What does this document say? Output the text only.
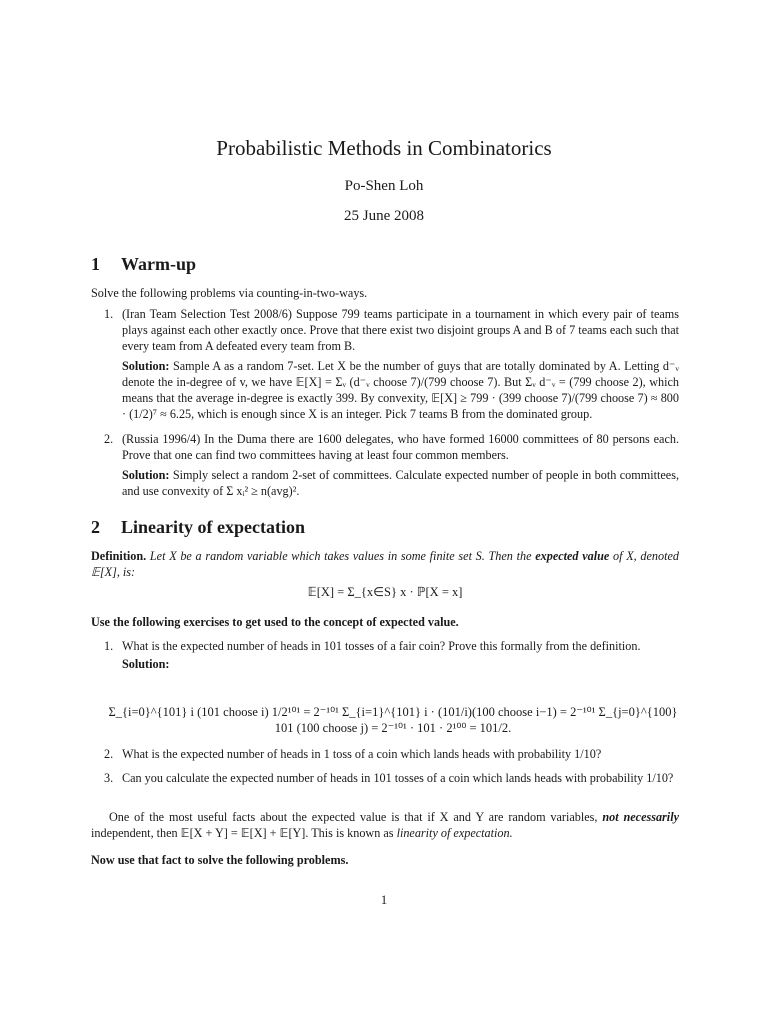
Probabilistic Methods in Combinatorics
Po-Shen Loh
25 June 2008
1 Warm-up
Solve the following problems via counting-in-two-ways.
1. (Iran Team Selection Test 2008/6) Suppose 799 teams participate in a tournament in which every pair of teams plays against each other exactly once. Prove that there exist two disjoint groups A and B of 7 teams each such that every team from A defeated every team from B.
Solution: Sample A as a random 7-set. Let X be the number of guys that are totally dominated by A. Letting d⁻ᵥ denote the in-degree of v, we have 𝔼[X] = Σᵥ (d⁻ᵥ choose 7)/(799 choose 7). But Σᵥ d⁻ᵥ = (799 choose 2), which means that the average in-degree is exactly 399. By convexity, 𝔼[X] ≥ 799 · (399 choose 7)/(799 choose 7) ≈ 800 · (1/2)⁷ ≈ 6.25, which is enough since X is an integer. Pick 7 teams B from the dominated group.
2. (Russia 1996/4) In the Duma there are 1600 delegates, who have formed 16000 committees of 80 persons each. Prove that one can find two committees having at least four common members.
Solution: Simply select a random 2-set of committees. Calculate expected number of people in both committees, and use convexity of Σ xᵢ² ≥ n(avg)².
2 Linearity of expectation
Definition. Let X be a random variable which takes values in some finite set S. Then the expected value of X, denoted 𝔼[X], is:
𝔼[X] = Σ_{x∈S} x · ℙ[X = x]
Use the following exercises to get used to the concept of expected value.
1. What is the expected number of heads in 101 tosses of a fair coin? Prove this formally from the definition.
Solution:
Σ_{i=0}^{101} i (101 choose i) 1/2¹⁰¹ = 2⁻¹⁰¹ Σ_{i=1}^{101} i · (101/i)(100 choose i−1) = 2⁻¹⁰¹ Σ_{j=0}^{100} 101 (100 choose j) = 2⁻¹⁰¹ · 101 · 2¹⁰⁰ = 101/2.
2. What is the expected number of heads in 1 toss of a coin which lands heads with probability 1/10?
3. Can you calculate the expected number of heads in 101 tosses of a coin which lands heads with probability 1/10?
One of the most useful facts about the expected value is that if X and Y are random variables, not necessarily independent, then 𝔼[X + Y] = 𝔼[X] + 𝔼[Y]. This is known as linearity of expectation.
Now use that fact to solve the following problems.
1
